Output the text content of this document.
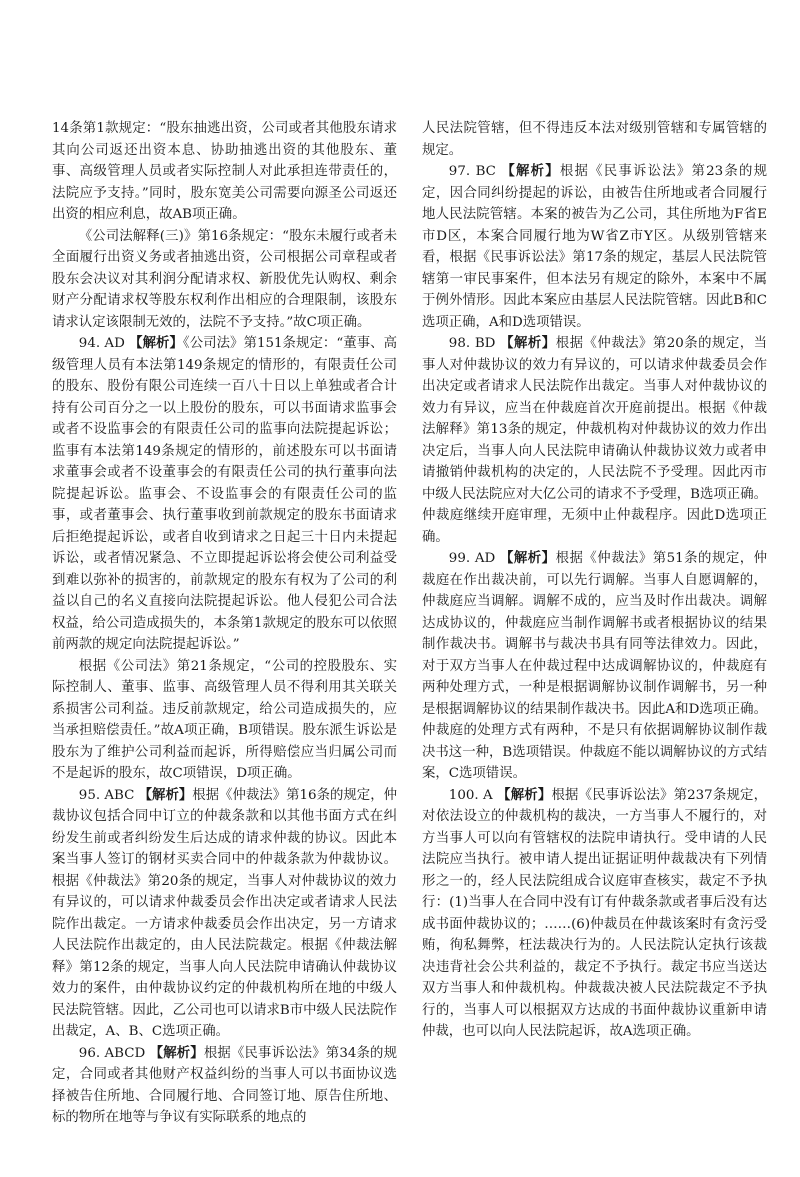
14条第1款规定：“股东抽逃出资，公司或者其他股东请求其向公司返还出资本息、协助抽逃出资的其他股东、董事、高级管理人员或者实际控制人对此承担连带责任的，法院应予支持。”同时，股东宽美公司需要向源圣公司返还出资的相应利息，故AB项正确。

《公司法解释(三)》第16条规定：“股东未履行或者未全面履行出资义务或者抽逃出资，公司根据公司章程或者股东会决议对其利润分配请求权、新股优先认购权、剩余财产分配请求权等股东权利作出相应的合理限制，该股东请求认定该限制无效的，法院不予支持。”故C项正确。

94. AD 【解析】《公司法》第151条规定：“董事、高级管理人员有本法第149条规定的情形的，有限责任公司的股东、股份有限公司连续一百八十日以上单独或者合计持有公司百分之一以上股份的股东，可以书面请求监事会或者不设监事会的有限责任公司的监事向法院提起诉讼；监事有本法第149条规定的情形的，前述股东可以书面请求董事会或者不设董事会的有限责任公司的执行董事向法院提起诉讼。监事会、不设监事会的有限责任公司的监事，或者董事会、执行董事收到前款规定的股东书面请求后拒绝提起诉讼，或者自收到请求之日起三十日内未提起诉讼，或者情况紧急、不立即提起诉讼将会使公司利益受到难以弥补的损害的，前款规定的股东有权为了公司的利益以自己的名义直接向法院提起诉讼。他人侵犯公司合法权益，给公司造成损失的，本条第1款规定的股东可以依照前两款的规定向法院提起诉讼。”

根据《公司法》第21条规定，“公司的控股股东、实际控制人、董事、监事、高级管理人员不得利用其关联关系损害公司利益。违反前款规定，给公司造成损失的，应当承担赔偿责任。”故A项正确，B项错误。股东派生诉讼是股东为了维护公司利益而起诉，所得赔偿应当归属公司而不是起诉的股东，故C项错误，D项正确。

95. ABC 【解析】根据《仲裁法》第16条的规定，仲裁协议包括合同中订立的仲裁条款和以其他书面方式在纠纷发生前或者纠纷发生后达成的请求仲裁的协议。因此本案当事人签订的钢材买卖合同中的仲裁条款为仲裁协议。根据《仲裁法》第20条的规定，当事人对仲裁协议的效力有异议的，可以请求仲裁委员会作出决定或者请求人民法院作出裁定。一方请求仲裁委员会作出决定，另一方请求人民法院作出裁定的，由人民法院裁定。根据《仲裁法解释》第12条的规定，当事人向人民法院申请确认仲裁协议效力的案件，由仲裁协议约定的仲裁机构所在地的中级人民法院管辖。因此，乙公司也可以请求B市中级人民法院作出裁定，A、B、C选项正确。

96. ABCD 【解析】根据《民事诉讼法》第34条的规定，合同或者其他财产权益纠纷的当事人可以书面协议选择被告住所地、合同履行地、合同签订地、原告住所地、标的物所在地等与争议有实际联系的地点的

人民法院管辖，但不得违反本法对级别管辖和专属管辖的规定。

97. BC 【解析】根据《民事诉讼法》第23条的规定，因合同纠纷提起的诉讼，由被告住所地或者合同履行地人民法院管辖。本案的被告为乙公司，其住所地为F省E市D区，本案合同履行地为W省Z市Y区。从级别管辖来看，根据《民事诉讼法》第17条的规定，基层人民法院管辖第一审民事案件，但本法另有规定的除外，本案中不属于例外情形。因此本案应由基层人民法院管辖。因此B和C选项正确，A和D选项错误。

98. BD 【解析】根据《仲裁法》第20条的规定，当事人对仲裁协议的效力有异议的，可以请求仲裁委员会作出决定或者请求人民法院作出裁定。当事人对仲裁协议的效力有异议，应当在仲裁庭首次开庭前提出。根据《仲裁法解释》第13条的规定，仲裁机构对仲裁协议的效力作出决定后，当事人向人民法院申请确认仲裁协议效力或者申请撤销仲裁机构的决定的，人民法院不予受理。因此丙市中级人民法院应对大亿公司的请求不予受理，B选项正确。仲裁庭继续开庭审理，无须中止仲裁程序。因此D选项正确。

99. AD 【解析】根据《仲裁法》第51条的规定，仲裁庭在作出裁决前，可以先行调解。当事人自愿调解的，仲裁庭应当调解。调解不成的，应当及时作出裁决。调解达成协议的，仲裁庭应当制作调解书或者根据协议的结果制作裁决书。调解书与裁决书具有同等法律效力。因此，对于双方当事人在仲裁过程中达成调解协议的，仲裁庭有两种处理方式，一种是根据调解协议制作调解书，另一种是根据调解协议的结果制作裁决书。因此A和D选项正确。仲裁庭的处理方式有两种，不是只有依据调解协议制作裁决书这一种，B选项错误。仲裁庭不能以调解协议的方式结案，C选项错误。

100. A 【解析】根据《民事诉讼法》第237条规定，对依法设立的仲裁机构的裁决，一方当事人不履行的，对方当事人可以向有管辖权的法院申请执行。受申请的人民法院应当执行。被申请人提出证据证明仲裁裁决有下列情形之一的，经人民法院组成合议庭审查核实，裁定不予执行：(1)当事人在合同中没有订有仲裁条款或者事后没有达成书面仲裁协议的；……(6)仲裁员在仲裁该案时有贪污受贿，徇私舞弊，枉法裁决行为的。人民法院认定执行该裁决违背社会公共利益的，裁定不予执行。裁定书应当送达双方当事人和仲裁机构。仲裁裁决被人民法院裁定不予执行的，当事人可以根据双方达成的书面仲裁协议重新申请仲裁，也可以向人民法院起诉，故A选项正确。
